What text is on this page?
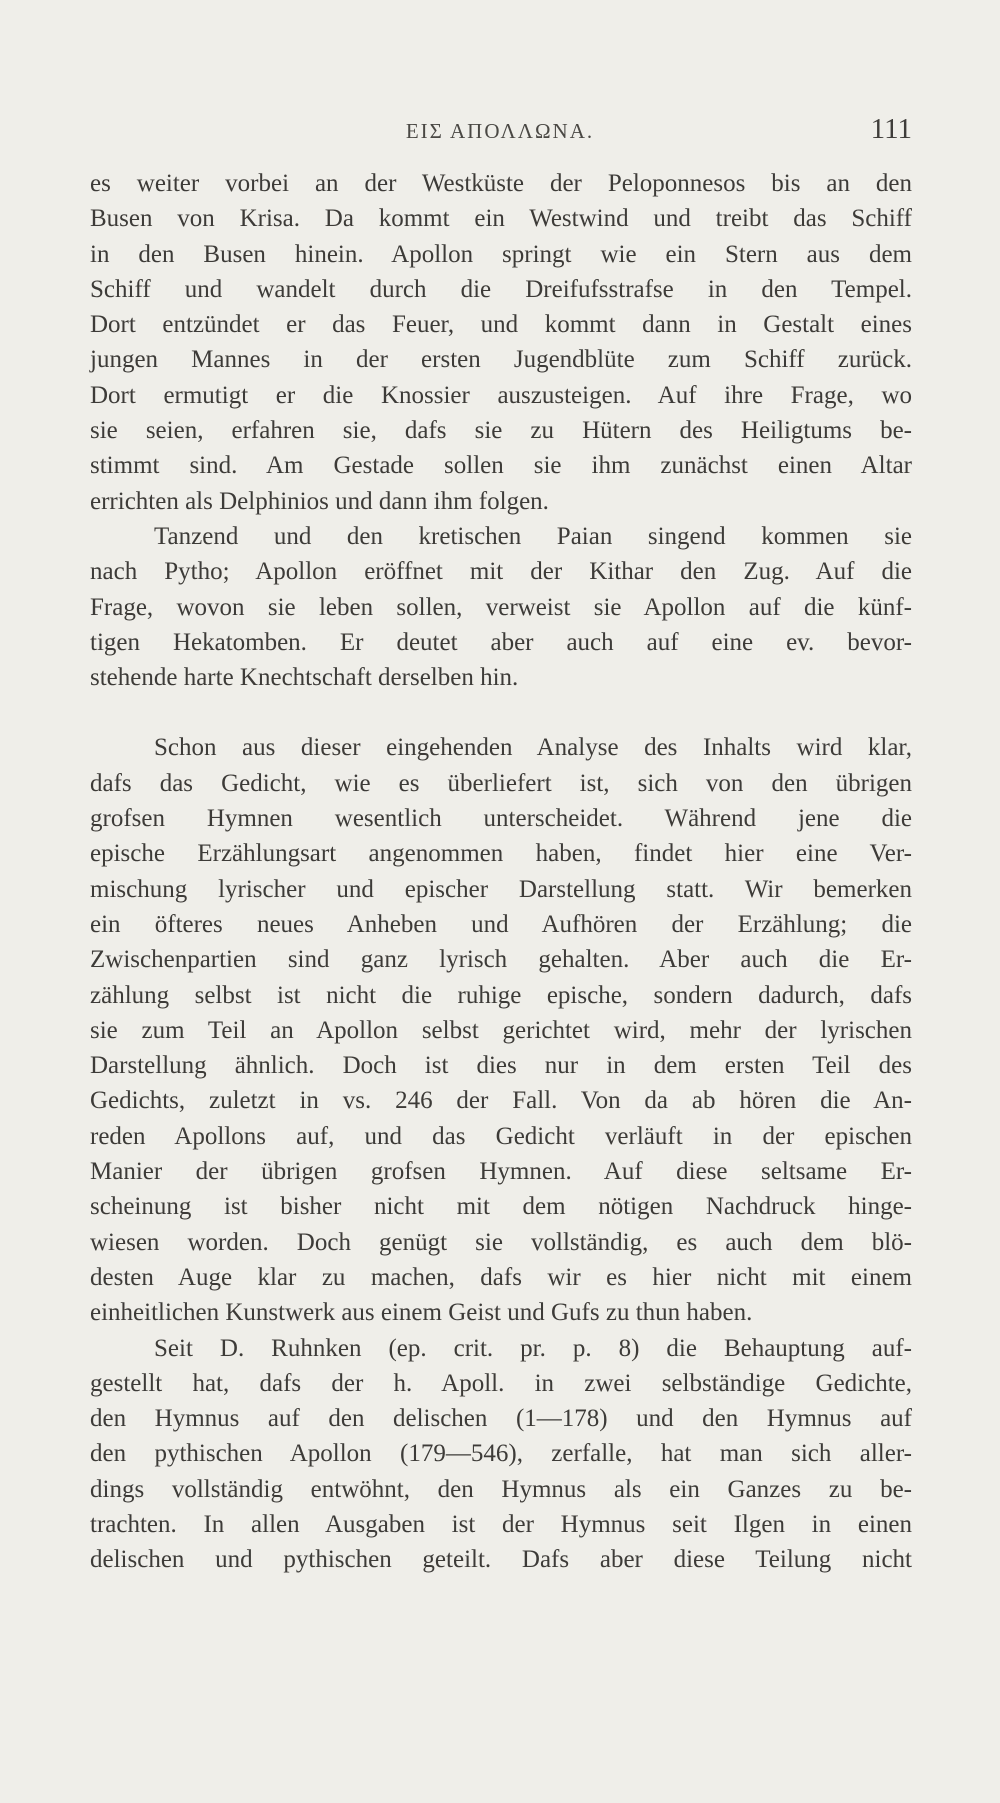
ΕΙΣ ΑΠΟΛΛΩΝΑ.	111
es weiter vorbei an der Westküste der Peloponnesos bis an den
Busen von Krisa. Da kommt ein Westwind und treibt das Schiff
in den Busen hinein. Apollon springt wie ein Stern aus dem
Schiff und wandelt durch die Dreifufsstrafse in den Tempel.
Dort entzündet er das Feuer, und kommt dann in Gestalt eines
jungen Mannes in der ersten Jugendblüte zum Schiff zurück.
Dort ermutigt er die Knossier auszusteigen. Auf ihre Frage, wo
sie seien, erfahren sie, dafs sie zu Hütern des Heiligtums be-
stimmt sind. Am Gestade sollen sie ihm zunächst einen Altar
errichten als Delphinios und dann ihm folgen.
Tanzend und den kretischen Paian singend kommen sie
nach Pytho; Apollon eröffnet mit der Kithar den Zug. Auf die
Frage, wovon sie leben sollen, verweist sie Apollon auf die künf-
tigen Hekatomben. Er deutet aber auch auf eine ev. bevor-
stehende harte Knechtschaft derselben hin.
Schon aus dieser eingehenden Analyse des Inhalts wird klar,
dafs das Gedicht, wie es überliefert ist, sich von den übrigen
grofsen Hymnen wesentlich unterscheidet. Während jene die
epische Erzählungsart angenommen haben, findet hier eine Ver-
mischung lyrischer und epischer Darstellung statt. Wir bemerken
ein öfteres neues Anheben und Aufhören der Erzählung; die
Zwischenpartien sind ganz lyrisch gehalten. Aber auch die Er-
zählung selbst ist nicht die ruhige epische, sondern dadurch, dafs
sie zum Teil an Apollon selbst gerichtet wird, mehr der lyrischen
Darstellung ähnlich. Doch ist dies nur in dem ersten Teil des
Gedichts, zuletzt in vs. 246 der Fall. Von da ab hören die An-
reden Apollons auf, und das Gedicht verläuft in der epischen
Manier der übrigen grofsen Hymnen. Auf diese seltsame Er-
scheinung ist bisher nicht mit dem nötigen Nachdruck hinge-
wiesen worden. Doch genügt sie vollständig, es auch dem blö-
desten Auge klar zu machen, dafs wir es hier nicht mit einem
einheitlichen Kunstwerk aus einem Geist und Gufs zu thun haben.
Seit D. Ruhnken (ep. crit. pr. p. 8) die Behauptung auf-
gestellt hat, dafs der h. Apoll. in zwei selbständige Gedichte,
den Hymnus auf den delischen (1—178) und den Hymnus auf
den pythischen Apollon (179—546), zerfalle, hat man sich aller-
dings vollständig entwöhnt, den Hymnus als ein Ganzes zu be-
trachten. In allen Ausgaben ist der Hymnus seit Ilgen in einen
delischen und pythischen geteilt. Dafs aber diese Teilung nicht
